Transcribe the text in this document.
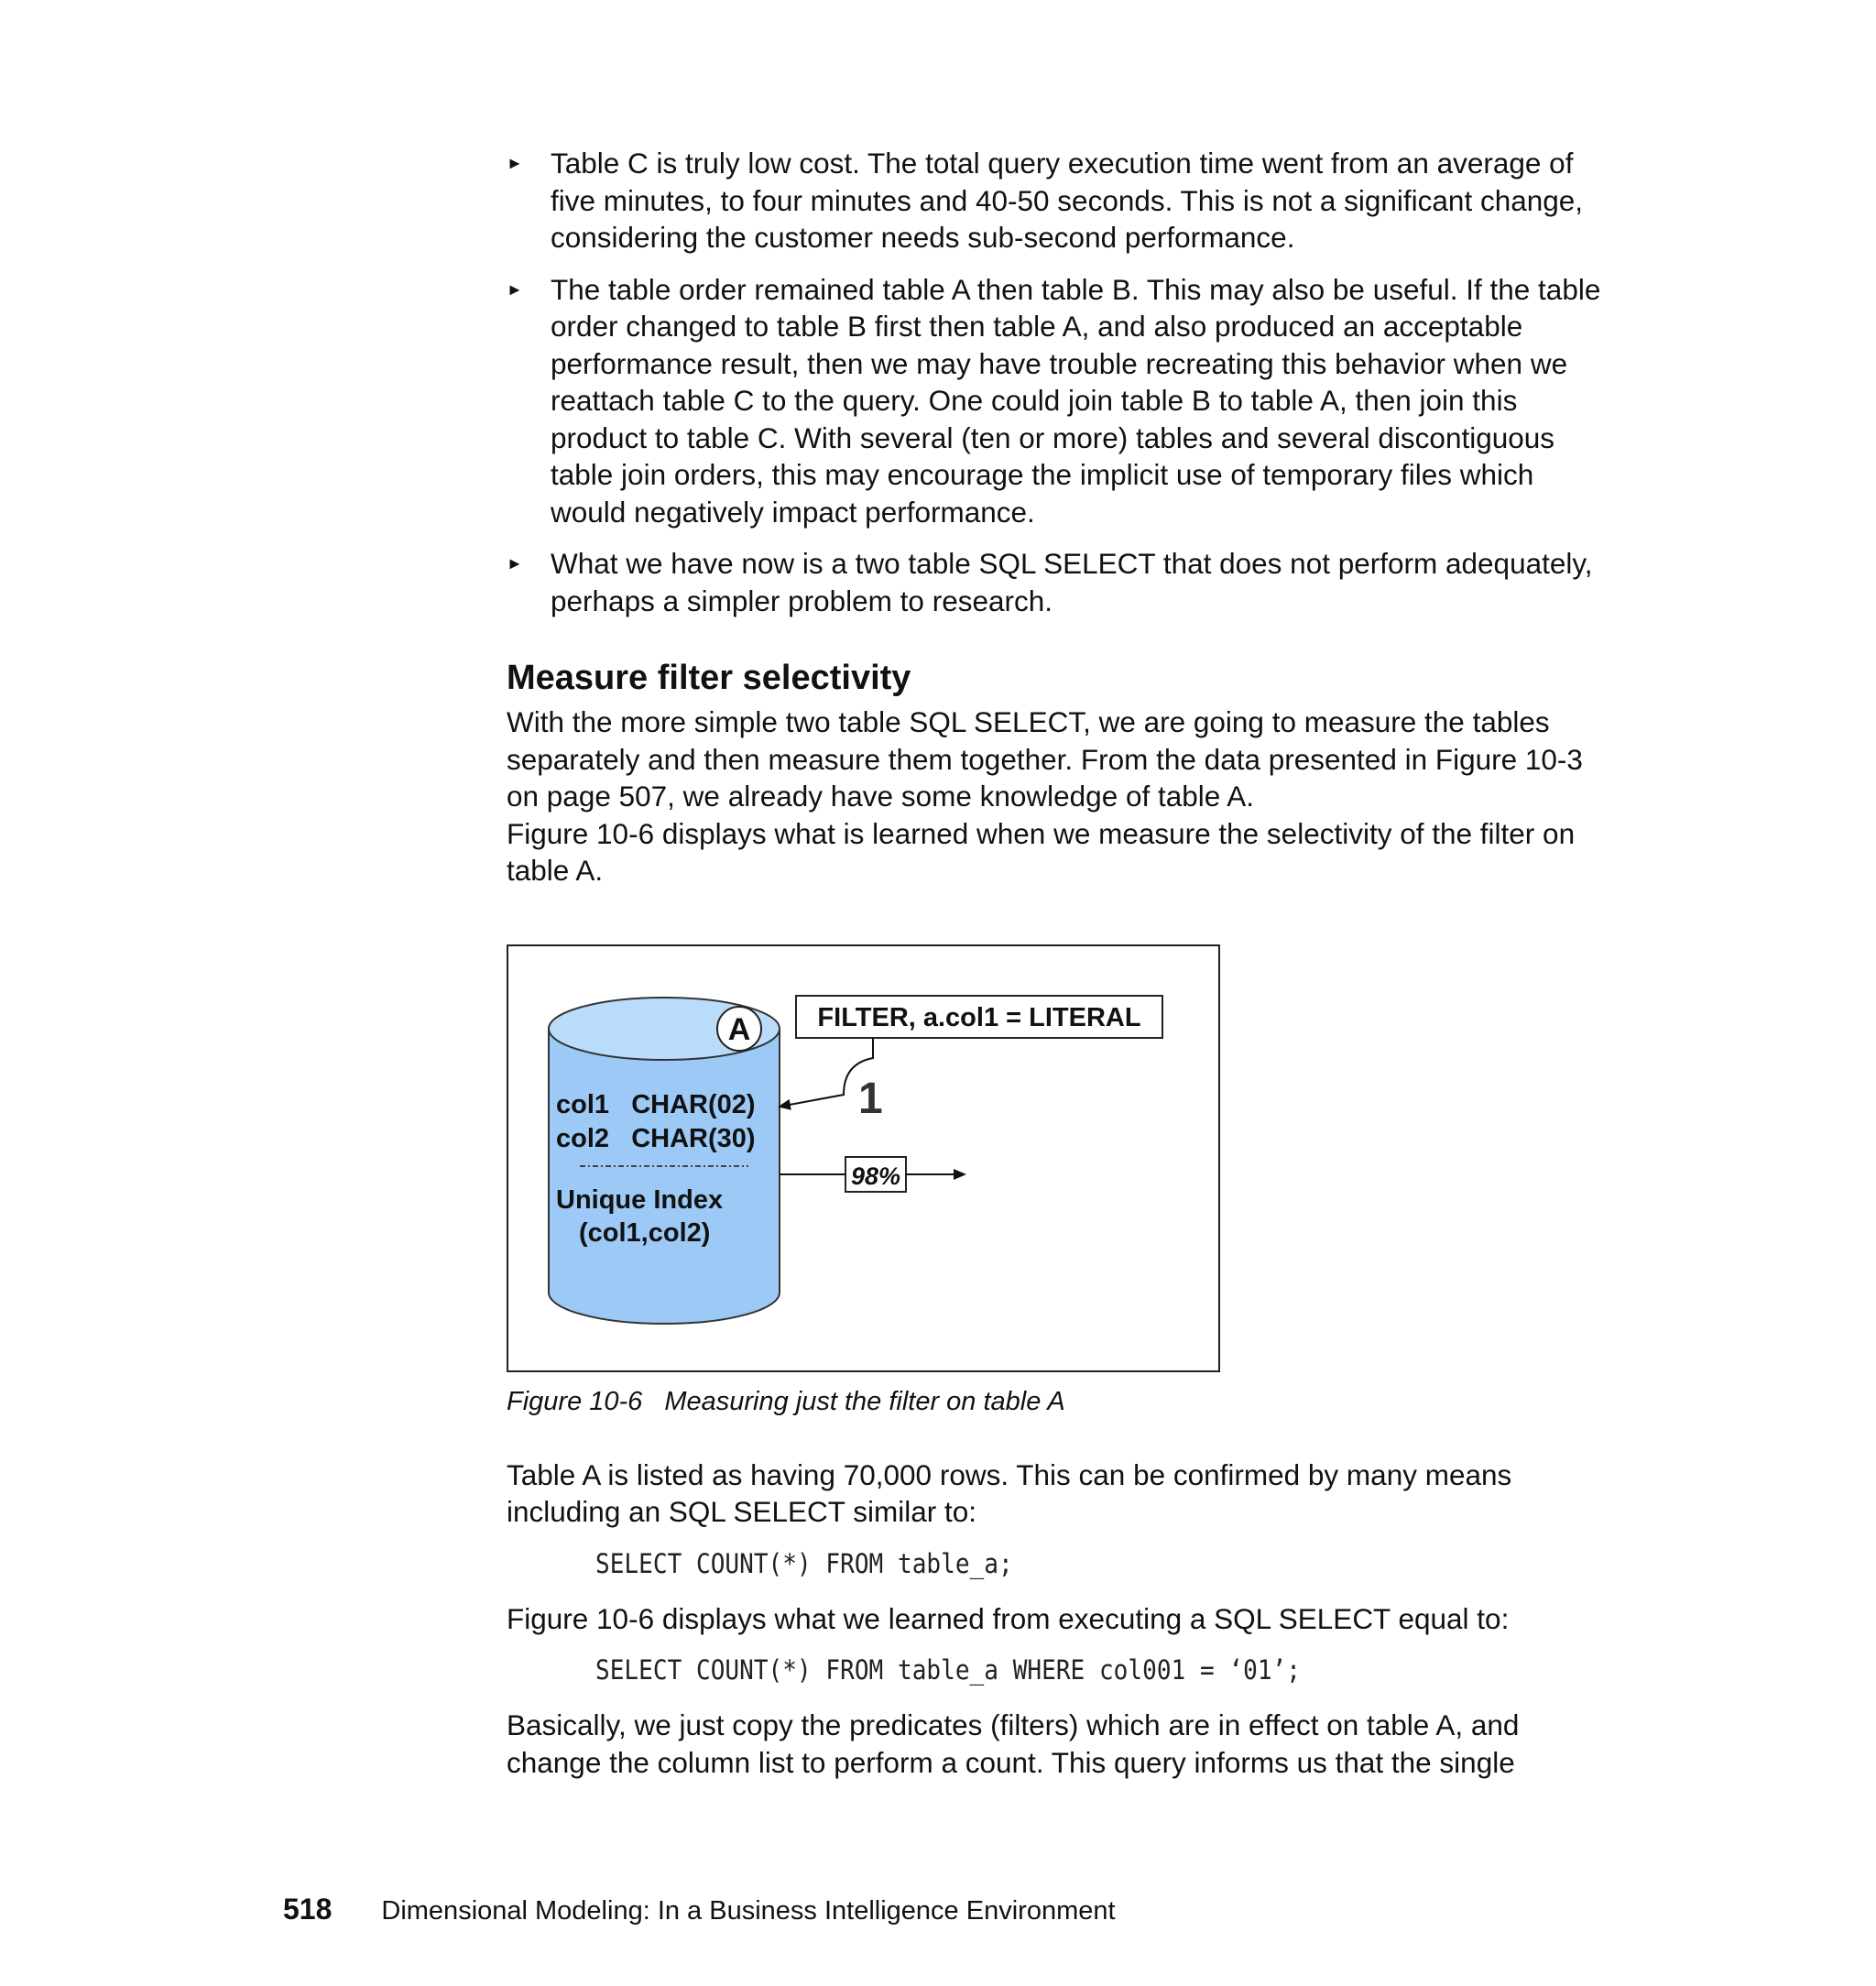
► Table C is truly low cost. The total query execution time went from an average of five minutes, to four minutes and 40-50 seconds. This is not a significant change, considering the customer needs sub-second performance.
► The table order remained table A then table B. This may also be useful. If the table order changed to table B first then table A, and also produced an acceptable performance result, then we may have trouble recreating this behavior when we reattach table C to the query. One could join table B to table A, then join this product to table C. With several (ten or more) tables and several discontiguous table join orders, this may encourage the implicit use of temporary files which would negatively impact performance.
► What we have now is a two table SQL SELECT that does not perform adequately, perhaps a simpler problem to research.
Measure filter selectivity

With the more simple two table SQL SELECT, we are going to measure the tables separately and then measure them together. From the data presented in Figure 10-3 on page 507, we already have some knowledge of table A.

Figure 10-6 displays what is learned when we measure the selectivity of the filter on table A.

A
col1   CHAR(02)
col2   CHAR(30)
Unique Index
(col1,col2)
FILTER, a.col1 = LITERAL
1
98%
Figure 10-6 Measuring just the filter on table A

Table A is listed as having 70,000 rows. This can be confirmed by many means including an SQL SELECT similar to:

SELECT COUNT(*) FROM table_a;

Figure 10-6 displays what we learned from executing a SQL SELECT equal to:

SELECT COUNT(*) FROM table_a WHERE col001 = ‘01’;

Basically, we just copy the predicates (filters) which are in effect on table A, and change the column list to perform a count. This query informs us that the single

518 Dimensional Modeling: In a Business Intelligence Environment
